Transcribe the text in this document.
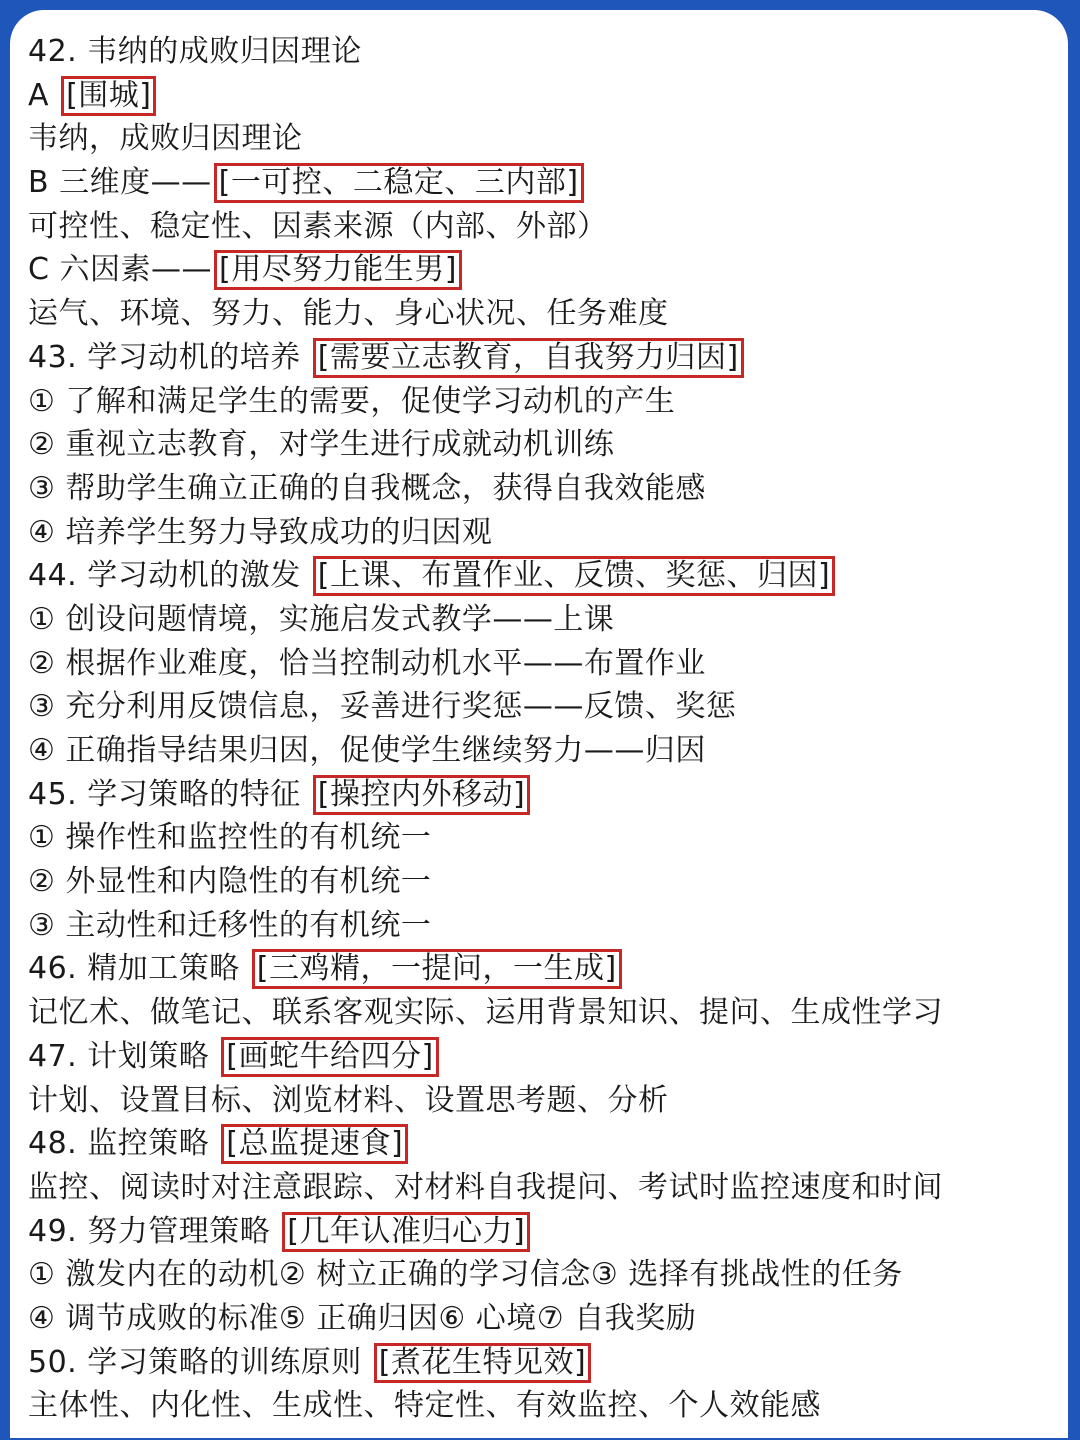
42. 韦纳的成败归因理论
A [围城]
韦纳，成败归因理论
B 三维度—— [一可控、二稳定、三内部]
可控性、稳定性、因素来源（内部、外部）
C 六因素—— [用尽努力能生男]
运气、环境、努力、能力、身心状况、任务难度
43. 学习动机的培养 [需要立志教育，自我努力归因]
① 了解和满足学生的需要，促使学习动机的产生
② 重视立志教育，对学生进行成就动机训练
③ 帮助学生确立正确的自我概念，获得自我效能感
④ 培养学生努力导致成功的归因观
44. 学习动机的激发 [上课、布置作业、反馈、奖惩、归因]
① 创设问题情境，实施启发式教学——上课
② 根据作业难度，恰当控制动机水平——布置作业
③ 充分利用反馈信息，妥善进行奖惩——反馈、奖惩
④ 正确指导结果归因，促使学生继续努力——归因
45. 学习策略的特征 [操控内外移动]
① 操作性和监控性的有机统一
② 外显性和内隐性的有机统一
③ 主动性和迁移性的有机统一
46. 精加工策略 [三鸡精，一提问，一生成]
记忆术、做笔记、联系客观实际、运用背景知识、提问、生成性学习
47. 计划策略 [画蛇牛给四分]
计划、设置目标、浏览材料、设置思考题、分析
48. 监控策略 [总监提速食]
监控、阅读时对注意跟踪、对材料自我提问、考试时监控速度和时间
49. 努力管理策略 [几年认准归心力]
① 激发内在的动机② 树立正确的学习信念③ 选择有挑战性的任务
④ 调节成败的标准⑤ 正确归因⑥ 心境⑦ 自我奖励
50. 学习策略的训练原则 [煮花生特见效]
主体性、内化性、生成性、特定性、有效监控、个人效能感
